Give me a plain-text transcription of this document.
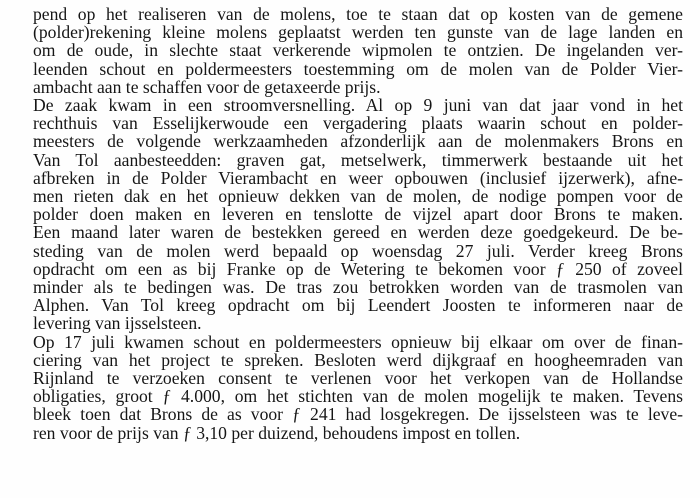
pend op het realiseren van de molens, toe te staan dat op kosten van de gemene
(polder)rekening kleine molens geplaatst werden ten gunste van de lage landen en
om de oude, in slechte staat verkerende wipmolen te ontzien. De ingelanden ver-
leenden schout en poldermeesters toestemming om de molen van de Polder Vier-
ambacht aan te schaffen voor de getaxeerde prijs.
De zaak kwam in een stroomversnelling. Al op 9 juni van dat jaar vond in het
rechthuis van Esselijkerwoude een vergadering plaats waarin schout en polder-
meesters de volgende werkzaamheden afzonderlijk aan de molenmakers Brons en
Van Tol aanbesteedden: graven gat, metselwerk, timmerwerk bestaande uit het
afbreken in de Polder Vierambacht en weer opbouwen (inclusief ijzerwerk), afne-
men rieten dak en het opnieuw dekken van de molen, de nodige pompen voor de
polder doen maken en leveren en tenslotte de vijzel apart door Brons te maken.
Een maand later waren de bestekken gereed en werden deze goedgekeurd. De be-
steding van de molen werd bepaald op woensdag 27 juli. Verder kreeg Brons
opdracht om een as bij Franke op de Wetering te bekomen voor ƒ 250 of zoveel
minder als te bedingen was. De tras zou betrokken worden van de trasmolen van
Alphen. Van Tol kreeg opdracht om bij Leendert Joosten te informeren naar de
levering van ijsselsteen.
Op 17 juli kwamen schout en poldermeesters opnieuw bij elkaar om over de finan-
ciering van het project te spreken. Besloten werd dijkgraaf en hoogheemraden van
Rijnland te verzoeken consent te verlenen voor het verkopen van de Hollandse
obligaties, groot ƒ 4.000, om het stichten van de molen mogelijk te maken. Tevens
bleek toen dat Brons de as voor ƒ 241 had losgekregen. De ijsselsteen was te leve-
ren voor de prijs van ƒ 3,10 per duizend, behoudens impost en tollen.
